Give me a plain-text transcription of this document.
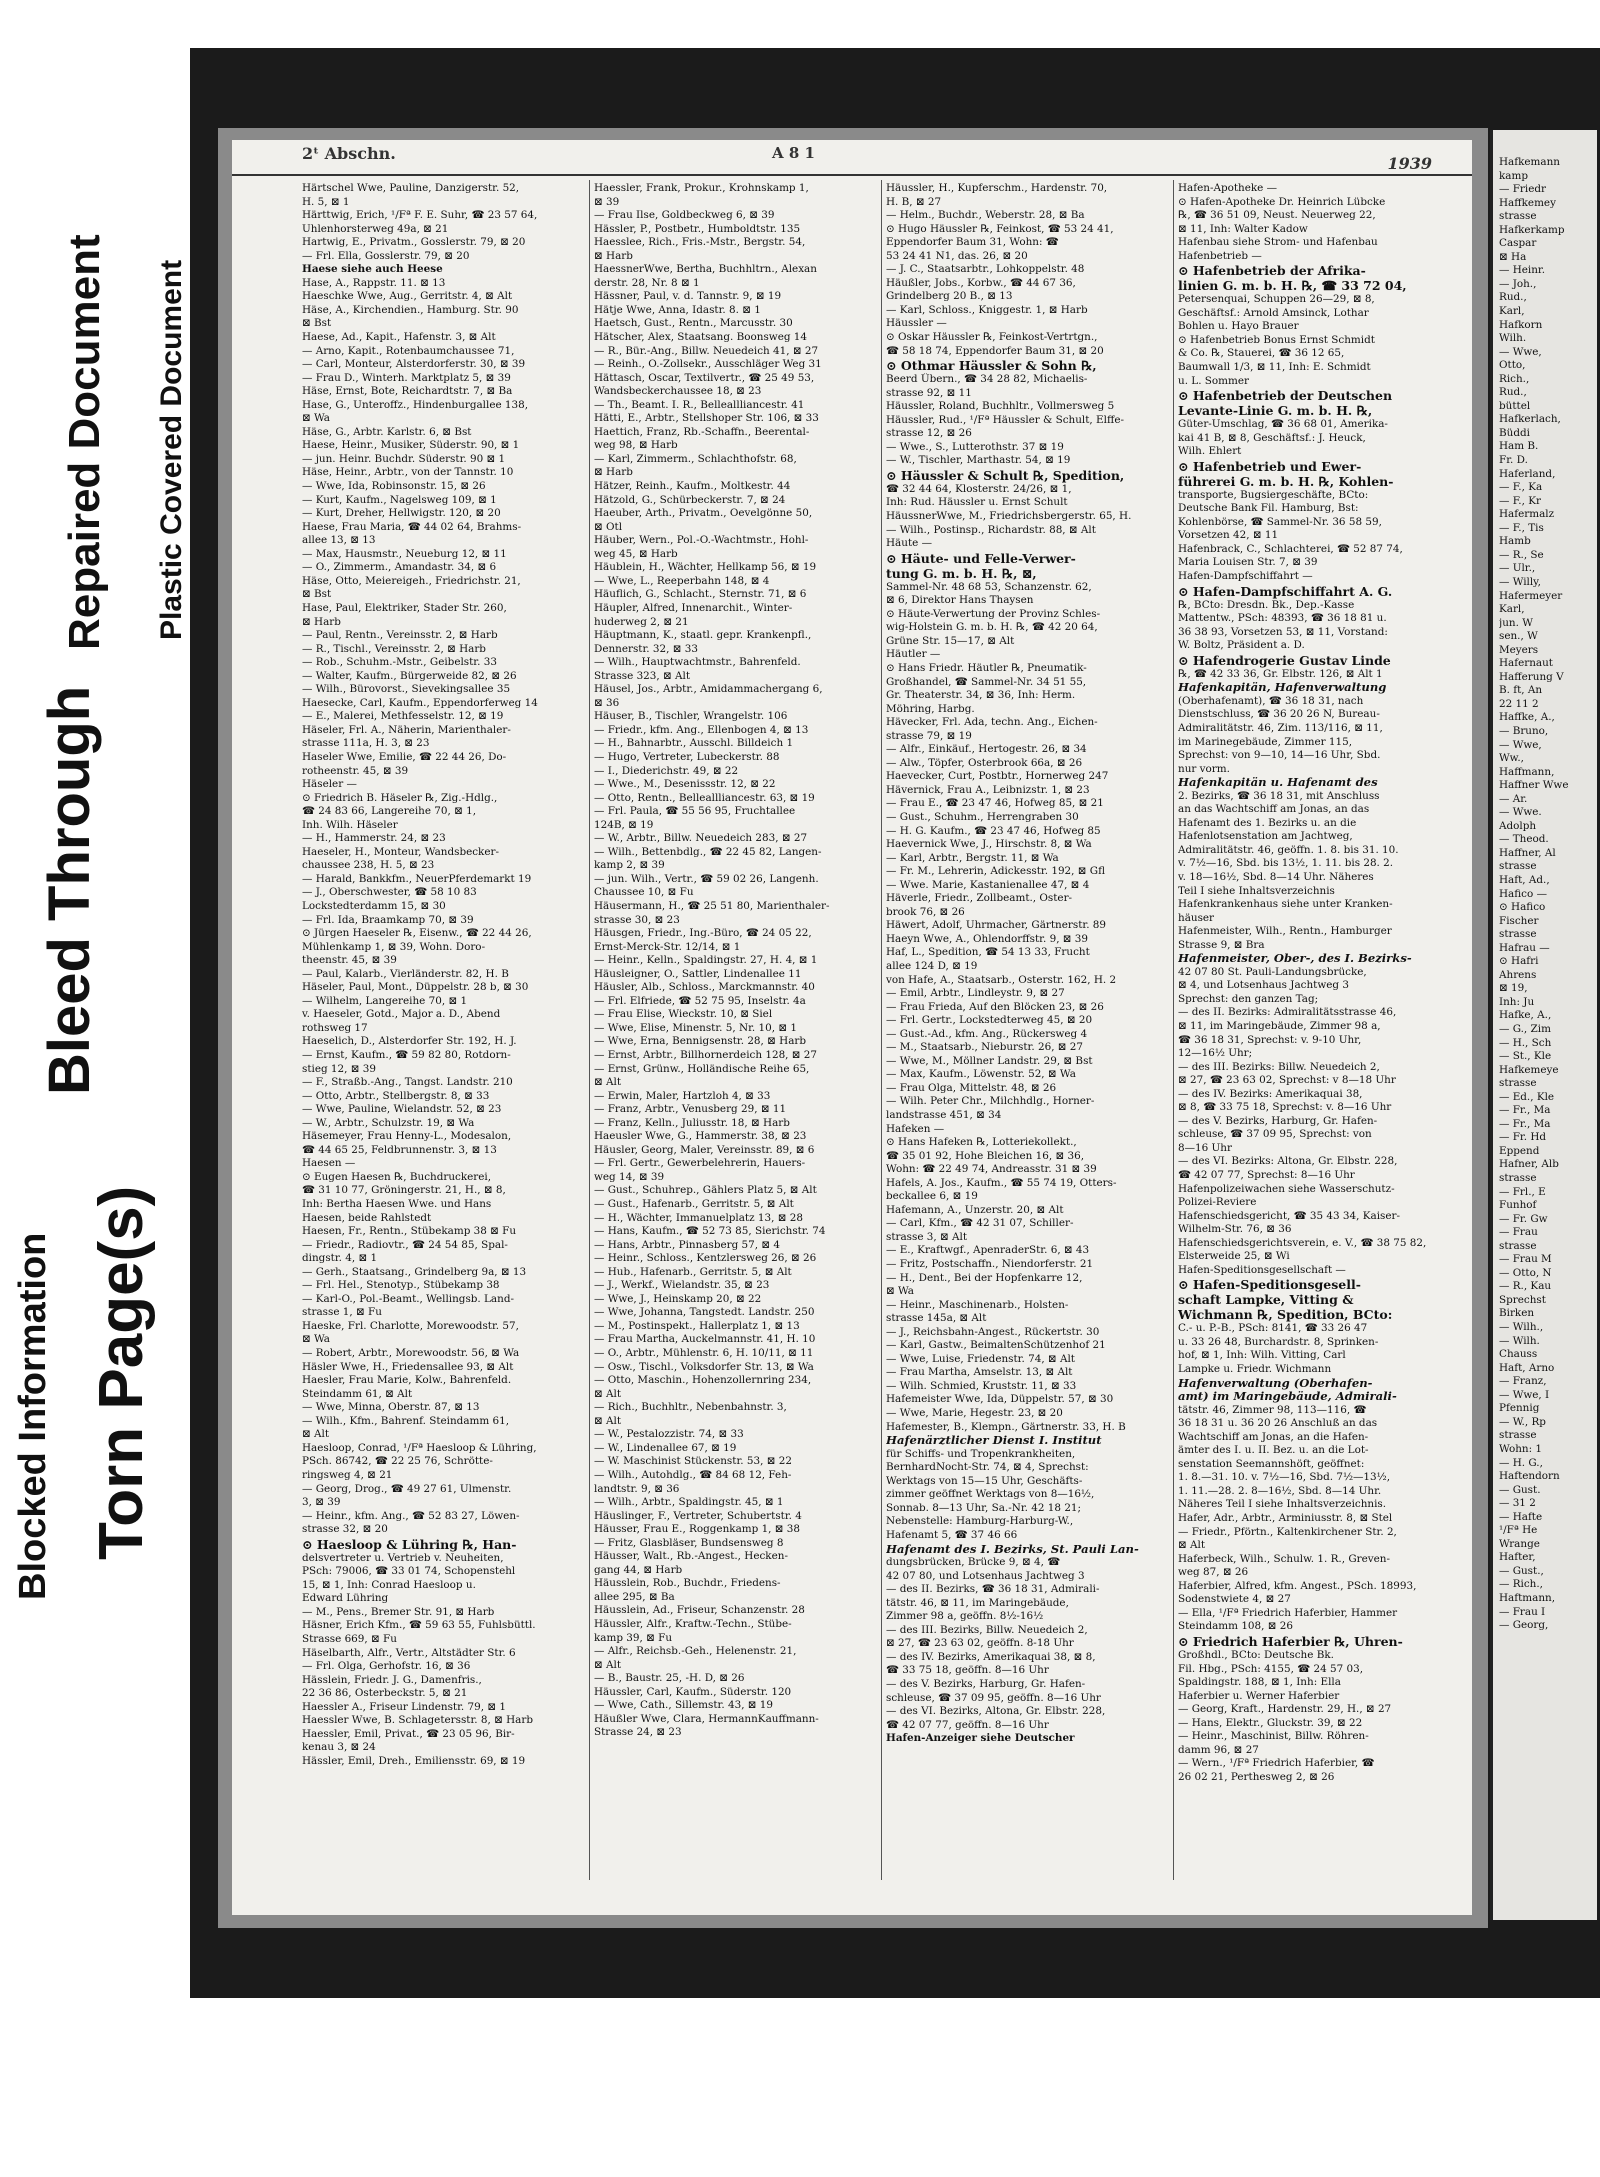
Torn Page(s)
Blocked Information
Bleed Through
Repaired Document Plastic Covered Document
2ᵗ Abschn.	A 8 1
1939
Härtschel Wwe, Pauline, Danzigerstr. 52,
H. 5, ⊠ 1
Härttwig, Erich, ¹/Fª F. E. Suhr, ☎ 23 57 64,
Uhlenhorsterweg 49a, ⊠ 21
Hartwig, E., Privatm., Gosslerstr. 79, ⊠ 20
— Frl. Ella, Gosslerstr. 79, ⊠ 20
Haese siehe auch Heese
Hase, A., Rappstr. 11. ⊠ 13
Haeschke Wwe, Aug., Gerritstr. 4, ⊠ Alt
Häse, A., Kirchendien., Hamburg. Str. 90
⊠ Bst
Haese, Ad., Kapit., Hafenstr. 3, ⊠ Alt
— Arno, Kapit., Rotenbaumchaussee 71,
— Carl, Monteur, Alsterdorferstr. 30, ⊠ 39
— Frau D., Winterh. Marktplatz 5, ⊠ 39
Häse, Ernst, Bote, Reichardtstr. 7, ⊠ Ba
Hase, G., Unteroffz., Hindenburgallee 138,
⊠ Wa
Häse, G., Arbtr. Karlstr. 6, ⊠ Bst
Haese, Heinr., Musiker, Süderstr. 90, ⊠ 1
— jun. Heinr. Buchdr. Süderstr. 90 ⊠ 1
Häse, Heinr., Arbtr., von der Tannstr. 10
— Wwe, Ida, Robinsonstr. 15, ⊠ 26
— Kurt, Kaufm., Nagelsweg 109, ⊠ 1
— Kurt, Dreher, Hellwigstr. 120, ⊠ 20
Haese, Frau Maria, ☎ 44 02 64, Brahms-
allee 13, ⊠ 13
— Max, Hausmstr., Neueburg 12, ⊠ 11
— O., Zimmerm., Amandastr. 34, ⊠ 6
Häse, Otto, Meiereigeh., Friedrichstr. 21,
⊠ Bst
Hase, Paul, Elektriker, Stader Str. 260,
⊠ Harb
— Paul, Rentn., Vereinsstr. 2, ⊠ Harb
— R., Tischl., Vereinsstr. 2, ⊠ Harb
— Rob., Schuhm.-Mstr., Geibelstr. 33
— Walter, Kaufm., Bürgerweide 82, ⊠ 26
— Wilh., Bürovorst., Sievekingsallee 35
Haesecke, Carl, Kaufm., Eppendorferweg 14
— E., Malerei, Methfesselstr. 12, ⊠ 19
Häseler, Frl. A., Näherin, Marienthaler-
strasse 111a, H. 3, ⊠ 23
Haseler Wwe, Emilie, ☎ 22 44 26, Do-
rotheenstr. 45, ⊠ 39
Häseler —
⊙ Friedrich B. Häseler ℞, Zig.-Hdlg.,
☎ 24 83 66, Langereihe 70, ⊠ 1,
Inh. Wilh. Häseler
— H., Hammerstr. 24, ⊠ 23
Haeseler, H., Monteur, Wandsbecker-
chaussee 238, H. 5, ⊠ 23
— Harald, Bankkfm., NeuerPferdemarkt 19
— J., Oberschwester, ☎ 58 10 83
Lockstedterdamm 15, ⊠ 30
— Frl. Ida, Braamkamp 70, ⊠ 39
⊙ Jürgen Haeseler ℞, Eisenw., ☎ 22 44 26,
Mühlenkamp 1, ⊠ 39, Wohn. Doro-
theenstr. 45, ⊠ 39
— Paul, Kalarb., Vierländerstr. 82, H. B
Häseler, Paul, Mont., Düppelstr. 28 b, ⊠ 30
— Wilhelm, Langereihe 70, ⊠ 1
v. Haeseler, Gotd., Major a. D., Abend
rothsweg 17
Haeselich, D., Alsterdorfer Str. 192, H. J.
— Ernst, Kaufm., ☎ 59 82 80, Rotdorn-
stieg 12, ⊠ 39
— F., Straßb.-Ang., Tangst. Landstr. 210
— Otto, Arbtr., Stellbergstr. 8, ⊠ 33
— Wwe, Pauline, Wielandstr. 52, ⊠ 23
— W., Arbtr., Schulzstr. 19, ⊠ Wa
Häsemeyer, Frau Henny-L., Modesalon,
☎ 44 65 25, Feldbrunnenstr. 3, ⊠ 13
Haesen —
⊙ Eugen Haesen ℞, Buchdruckerei,
☎ 31 10 77, Gröningerstr. 21, H., ⊠ 8,
Inh: Bertha Haesen Wwe. und Hans
Haesen, beide Rahlstedt
Haesen, Fr., Rentn., Stübekamp 38 ⊠ Fu
— Friedr., Radiovtr., ☎ 24 54 85, Spal-
dingstr. 4, ⊠ 1
— Gerh., Staatsang., Grindelberg 9a, ⊠ 13
— Frl. Hel., Stenotyp., Stübekamp 38
— Karl-O., Pol.-Beamt., Wellingsb. Land-
strasse 1, ⊠ Fu
Haeske, Frl. Charlotte, Morewoodstr. 57,
⊠ Wa
— Robert, Arbtr., Morewoodstr. 56, ⊠ Wa
Häsler Wwe, H., Friedensallee 93, ⊠ Alt
Haesler, Frau Marie, Kolw., Bahrenfeld.
Steindamm 61, ⊠ Alt
— Wwe, Minna, Oberstr. 87, ⊠ 13
— Wilh., Kfm., Bahrenf. Steindamm 61,
⊠ Alt
Haesloop, Conrad, ¹/Fª Haesloop & Lühring,
PSch. 86742, ☎ 22 25 76, Schrötte-
ringsweg 4, ⊠ 21
— Georg, Drog., ☎ 49 27 61, Ulmenstr.
3, ⊠ 39
— Heinr., kfm. Ang., ☎ 52 83 27, Löwen-
strasse 32, ⊠ 20
⊙ Haesloop & Lühring ℞, Han-
delsvertreter u. Vertrieb v. Neuheiten,
PSch: 79006, ☎ 33 01 74, Schopenstehl
15, ⊠ 1, Inh: Conrad Haesloop u.
Edward Lühring
— M., Pens., Bremer Str. 91, ⊠ Harb
Häsner, Erich Kfm., ☎ 59 63 55, Fuhlsbüttl.
Strasse 669, ⊠ Fu
Häselbarth, Alfr., Vertr., Altstädter Str. 6
— Frl. Olga, Gerhofstr. 16, ⊠ 36
Hässlein, Friedr. J. G., Damenfris.,
22 36 86, Osterbeckstr. 5, ⊠ 21
Haessler A., Friseur Lindenstr. 79, ⊠ 1
Haessler Wwe, B. Schlagetersstr. 8, ⊠ Harb
Haessler, Emil, Privat., ☎ 23 05 96, Bir-
kenau 3, ⊠ 24
Hässler, Emil, Dreh., Emiliensstr. 69, ⊠ 19
Haessler, Frank, Prokur., Krohnskamp 1,
⊠ 39
— Frau Ilse, Goldbeckweg 6, ⊠ 39
Hässler, P., Postbetr., Humboldtstr. 135
Haesslee, Rich., Fris.-Mstr., Bergstr. 54,
⊠ Harb
HaessnerWwe, Bertha, Buchhltrn., Alexan
derstr. 28, Nr. 8 ⊠ 1
Hässner, Paul, v. d. Tannstr. 9, ⊠ 19
Hätje Wwe, Anna, Idastr. 8. ⊠ 1
Haetsch, Gust., Rentn., Marcusstr. 30
Hätscher, Alex, Staatsang. Boonsweg 14
— R., Bür.-Ang., Billw. Neuedeich 41, ⊠ 27
— Reinh., O.-Zollsekr., Ausschläger Weg 31
Hättasch, Oscar, Textilvertr., ☎ 25 49 53,
Wandsbeckerchaussee 18, ⊠ 23
— Th., Beamt. I. R., Belleallliancestr. 41
Hätti, E., Arbtr., Stellshoper Str. 106, ⊠ 33
Haettich, Franz, Rb.-Schaffn., Beerental-
weg 98, ⊠ Harb
— Karl, Zimmerm., Schlachthofstr. 68,
⊠ Harb
Hätzer, Reinh., Kaufm., Moltkestr. 44
Hätzold, G., Schürbeckerstr. 7, ⊠ 24
Haeuber, Arth., Privatm., Oevelgönne 50,
⊠ Otl
Häuber, Wern., Pol.-O.-Wachtmstr., Hohl-
weg 45, ⊠ Harb
Häublein, H., Wächter, Hellkamp 56, ⊠ 19
— Wwe, L., Reeperbahn 148, ⊠ 4
Häuflich, G., Schlacht., Sternstr. 71, ⊠ 6
Häupler, Alfred, Innenarchit., Winter-
huderweg 2, ⊠ 21
Häuptmann, K., staatl. gepr. Krankenpfl.,
Dennerstr. 32, ⊠ 33
— Wilh., Hauptwachtmstr., Bahrenfeld.
Strasse 323, ⊠ Alt
Häusel, Jos., Arbtr., Amidammachergang 6,
⊠ 36
Häuser, B., Tischler, Wrangelstr. 106
— Friedr., kfm. Ang., Ellenbogen 4, ⊠ 13
— H., Bahnarbtr., Ausschl. Billdeich 1
— Hugo, Vertreter, Lubeckerstr. 88
— I., Diederichstr. 49, ⊠ 22
— Wwe., M., Desenissstr. 12, ⊠ 22
— Otto, Rentn., Belleallliancestr. 63, ⊠ 19
— Frl. Paula, ☎ 55 56 95, Fruchtallee
124B, ⊠ 19
— W., Arbtr., Billw. Neuedeich 283, ⊠ 27
— Wilh., Bettenbdlg., ☎ 22 45 82, Langen-
kamp 2, ⊠ 39
— jun. Wilh., Vertr., ☎ 59 02 26, Langenh.
Chaussee 10, ⊠ Fu
Häusermann, H., ☎ 25 51 80, Marienthaler-
strasse 30, ⊠ 23
Häusgen, Friedr., Ing.-Büro, ☎ 24 05 22,
Ernst-Merck-Str. 12/14, ⊠ 1
— Heinr., Kelln., Spaldingstr. 27, H. 4, ⊠ 1
Häusleigner, O., Sattler, Lindenallee 11
Häusler, Alb., Schloss., Marckmannstr. 40
— Frl. Elfriede, ☎ 52 75 95, Inselstr. 4a
— Frau Elise, Wieckstr. 10, ⊠ Siel
— Wwe, Elise, Minenstr. 5, Nr. 10, ⊠ 1
— Wwe, Erna, Bennigsenstr. 28, ⊠ Harb
— Ernst, Arbtr., Billhornerdeich 128, ⊠ 27
— Ernst, Grünw., Holländische Reihe 65,
⊠ Alt
— Erwin, Maler, Hartzloh 4, ⊠ 33
— Franz, Arbtr., Venusberg 29, ⊠ 11
— Franz, Kelln., Juliusstr. 18, ⊠ Harb
Haeusler Wwe, G., Hammerstr. 38, ⊠ 23
Häusler, Georg, Maler, Vereinsstr. 89, ⊠ 6
— Frl. Gertr., Gewerbelehrerin, Hauers-
weg 14, ⊠ 39
— Gust., Schuhrep., Gählers Platz 5, ⊠ Alt
— Gust., Hafenarb., Gerritstr. 5, ⊠ Alt
— H., Wächter, Immanuelplatz 13, ⊠ 28
— Hans, Kaufm., ☎ 52 73 85, Sierichstr. 74
— Hans, Arbtr., Pinnasberg 57, ⊠ 4
— Heinr., Schloss., Kentzlersweg 26, ⊠ 26
— Hub., Hafenarb., Gerritstr. 5, ⊠ Alt
— J., Werkf., Wielandstr. 35, ⊠ 23
— Wwe, J., Heinskamp 20, ⊠ 22
— Wwe, Johanna, Tangstedt. Landstr. 250
— M., Postinspekt., Hallerplatz 1, ⊠ 13
— Frau Martha, Auckelmannstr. 41, H. 10
— O., Arbtr., Mühlenstr. 6, H. 10/11, ⊠ 11
— Osw., Tischl., Volksdorfer Str. 13, ⊠ Wa
— Otto, Maschin., Hohenzollernring 234,
⊠ Alt
— Rich., Buchhltr., Nebenbahnstr. 3,
⊠ Alt
— W., Pestalozzistr. 74, ⊠ 33
— W., Lindenallee 67, ⊠ 19
— W. Maschinist Stückenstr. 53, ⊠ 22
— Wilh., Autohdlg., ☎ 84 68 12, Feh-
landtstr. 9, ⊠ 36
— Wilh., Arbtr., Spaldingstr. 45, ⊠ 1
Häuslinger, F., Vertreter, Schubertstr. 4
Häusser, Frau E., Roggenkamp 1, ⊠ 38
— Fritz, Glasbläser, Bundsensweg 8
Häusser, Walt., Rb.-Angest., Hecken-
gang 44, ⊠ Harb
Häusslein, Rob., Buchdr., Friedens-
allee 295, ⊠ Ba
Häusslein, Ad., Friseur, Schanzenstr. 28
Häussler, Alfr., Kraftw.-Techn., Stübe-
kamp 39, ⊠ Fu
— Alfr., Reichsb.-Geh., Helenenstr. 21,
⊠ Alt
— B., Baustr. 25, -H. D, ⊠ 26
Häussler, Carl, Kaufm., Süderstr. 120
— Wwe, Cath., Sillemstr. 43, ⊠ 19
Häußler Wwe, Clara, HermannKauffmann-
Strasse 24, ⊠ 23
Häussler, H., Kupferschm., Hardenstr. 70,
H. B, ⊠ 27
— Helm., Buchdr., Weberstr. 28, ⊠ Ba
⊙ Hugo Häussler ℞, Feinkost, ☎ 53 24 41,
Eppendorfer Baum 31, Wohn: ☎
53 24 41 N1, das. 26, ⊠ 20
— J. C., Staatsarbtr., Lohkoppelstr. 48
Häußler, Jobs., Korbw., ☎ 44 67 36,
Grindelberg 20 B., ⊠ 13
— Karl, Schloss., Kniggestr. 1, ⊠ Harb
Häussler —
⊙ Oskar Häussler ℞, Feinkost-Vertrtgn.,
☎ 58 18 74, Eppendorfer Baum 31, ⊠ 20
⊙ Othmar Häussler & Sohn ℞,
Beerd Übern., ☎ 34 28 82, Michaelis-
strasse 92, ⊠ 11
Häussler, Roland, Buchhltr., Vollmersweg 5
Häussler, Rud., ¹/Fª Häussler & Schult, Elffe-
strasse 12, ⊠ 26
— Wwe., S., Lutterothstr. 37 ⊠ 19
— W., Tischler, Marthastr. 54, ⊠ 19
⊙ Häussler & Schult ℞, Spedition,
☎ 32 44 64, Klosterstr. 24/26, ⊠ 1,
Inh: Rud. Häussler u. Ernst Schult
HäussnerWwe, M., Friedrichsbergerstr. 65, H.
— Wilh., Postinsp., Richardstr. 88, ⊠ Alt
Häute —
⊙ Häute- und Felle-Verwer-
tung G. m. b. H. ℞, ⊠,
Sammel-Nr. 48 68 53, Schanzenstr. 62,
⊠ 6, Direktor Hans Thaysen
⊙ Häute-Verwertung der Provinz Schles-
wig-Holstein G. m. b. H. ℞, ☎ 42 20 64,
Grüne Str. 15—17, ⊠ Alt
Häutler —
⊙ Hans Friedr. Häutler ℞, Pneumatik-
Großhandel, ☎ Sammel-Nr. 34 51 55,
Gr. Theaterstr. 34, ⊠ 36, Inh: Herm.
Möhring, Harbg.
Hävecker, Frl. Ada, techn. Ang., Eichen-
strasse 79, ⊠ 19
— Alfr., Einkäuf., Hertogestr. 26, ⊠ 34
— Alw., Töpfer, Osterbrook 66a, ⊠ 26
Haevecker, Curt, Postbtr., Hornerweg 247
Hävernick, Frau A., Leibnizstr. 1, ⊠ 23
— Frau E., ☎ 23 47 46, Hofweg 85, ⊠ 21
— Gust., Schuhm., Herrengraben 30
— H. G. Kaufm., ☎ 23 47 46, Hofweg 85
Haevernick Wwe, J., Hirschstr. 8, ⊠ Wa
— Karl, Arbtr., Bergstr. 11, ⊠ Wa
— Fr. M., Lehrerin, Adickesstr. 192, ⊠ Gfl
— Wwe. Marie, Kastanienallee 47, ⊠ 4
Häverle, Friedr., Zollbeamt., Oster-
brook 76, ⊠ 26
Häwert, Adolf, Uhrmacher, Gärtnerstr. 89
Haeyn Wwe, A., Ohlendorffstr. 9, ⊠ 39
Haf, L., Spedition, ☎ 54 13 33, Frucht
allee 124 D, ⊠ 19
von Hafe, A., Staatsarb., Osterstr. 162, H. 2
— Emil, Arbtr., Lindleystr. 9, ⊠ 27
— Frau Frieda, Auf den Blöcken 23, ⊠ 26
— Frl. Gertr., Lockstedterweg 45, ⊠ 20
— Gust.-Ad., kfm. Ang., Rückersweg 4
— M., Staatsarb., Nieburstr. 26, ⊠ 27
— Wwe, M., Möllner Landstr. 29, ⊠ Bst
— Max, Kaufm., Löwenstr. 52, ⊠ Wa
— Frau Olga, Mittelstr. 48, ⊠ 26
— Wilh. Peter Chr., Milchhdlg., Horner-
landstrasse 451, ⊠ 34
Hafeken —
⊙ Hans Hafeken ℞, Lotteriekollekt.,
☎ 35 01 92, Hohe Bleichen 16, ⊠ 36,
Wohn: ☎ 22 49 74, Andreasstr. 31 ⊠ 39
Hafels, A. Jos., Kaufm., ☎ 55 74 19, Otters-
beckallee 6, ⊠ 19
Hafemann, A., Unzerstr. 20, ⊠ Alt
— Carl, Kfm., ☎ 42 31 07, Schiller-
strasse 3, ⊠ Alt
— E., Kraftwgf., ApenraderStr. 6, ⊠ 43
— Fritz, Postschaffn., Niendorferstr. 21
— H., Dent., Bei der Hopfenkarre 12,
⊠ Wa
— Heinr., Maschinenarb., Holsten-
strasse 145a, ⊠ Alt
— J., Reichsbahn-Angest., Rückertstr. 30
— Karl, Gastw., BeimaltenSchützenhof 21
— Wwe, Luise, Friedenstr. 74, ⊠ Alt
— Frau Martha, Amselstr. 13, ⊠ Alt
— Wilh. Schmied, Kruststr. 11, ⊠ 33
Hafemeister Wwe, Ida, Düppelstr. 57, ⊠ 30
— Wwe, Marie, Hegestr. 23, ⊠ 20
Hafemester, B., Klempn., Gärtnerstr. 33, H. B
Hafenärztlicher Dienst I. Institut
für Schiffs- und Tropenkrankheiten,
BernhardNocht-Str. 74, ⊠ 4, Sprechst:
Werktags von 15—15 Uhr, Geschäfts-
zimmer geöffnet Werktags von 8—16½,
Sonnab. 8—13 Uhr, Sa.-Nr. 42 18 21;
Nebenstelle: Hamburg-Harburg-W.,
Hafenamt 5, ☎ 37 46 66
Hafenamt des I. Bezirks, St. Pauli Lan-
dungsbrücken, Brücke 9, ⊠ 4, ☎
42 07 80, und Lotsenhaus Jachtweg 3
— des II. Bezirks, ☎ 36 18 31, Admirali-
tätstr. 46, ⊠ 11, im Maringebäude,
Zimmer 98 a, geöffn. 8½-16½
— des III. Bezirks, Billw. Neuedeich 2,
⊠ 27, ☎ 23 63 02, geöffn. 8-18 Uhr
— des IV. Bezirks, Amerikaquai 38, ⊠ 8,
☎ 33 75 18, geöffn. 8—16 Uhr
— des V. Bezirks, Harburg, Gr. Hafen-
schleuse, ☎ 37 09 95, geöffn. 8—16 Uhr
— des VI. Bezirks, Altona, Gr. Elbstr. 228,
☎ 42 07 77, geöffn. 8—16 Uhr
Hafen-Anzeiger siehe Deutscher
Hafen-Apotheke —
⊙ Hafen-Apotheke Dr. Heinrich Lübcke
℞, ☎ 36 51 09, Neust. Neuerweg 22,
⊠ 11, Inh: Walter Kadow
Hafenbau siehe Strom- und Hafenbau
Hafenbetrieb —
⊙ Hafenbetrieb der Afrika-
linien G. m. b. H. ℞, ☎ 33 72 04,
Petersenquai, Schuppen 26—29, ⊠ 8,
Geschäftsf.: Arnold Amsinck, Lothar
Bohlen u. Hayo Brauer
⊙ Hafenbetrieb Bonus Ernst Schmidt
& Co. ℞, Stauerei, ☎ 36 12 65,
Baumwall 1/3, ⊠ 11, Inh: E. Schmidt
u. L. Sommer
⊙ Hafenbetrieb der Deutschen
Levante-Linie G. m. b. H. ℞,
Güter-Umschlag, ☎ 36 68 01, Amerika-
kai 41 B, ⊠ 8, Geschäftsf.: J. Heuck,
Wilh. Ehlert
⊙ Hafenbetrieb und Ewer-
führerei G. m. b. H. ℞, Kohlen-
transporte, Bugsiergeschäfte, BCto:
Deutsche Bank Fil. Hamburg, Bst:
Kohlenbörse, ☎ Sammel-Nr. 36 58 59,
Vorsetzen 42, ⊠ 11
Hafenbrack, C., Schlachterei, ☎ 52 87 74,
Maria Louisen Str. 7, ⊠ 39
Hafen-Dampfschiffahrt —
⊙ Hafen-Dampfschiffahrt A. G.
℞, BCto: Dresdn. Bk., Dep.-Kasse
Mattentw., PSch: 48393, ☎ 36 18 81 u.
36 38 93, Vorsetzen 53, ⊠ 11, Vorstand:
W. Boltz, Präsident a. D.
⊙ Hafendrogerie Gustav Linde
℞, ☎ 42 33 36, Gr. Elbstr. 126, ⊠ Alt 1
Hafenkapitän, Hafenverwaltung
(Oberhafenamt), ☎ 36 18 31, nach
Dienstschluss, ☎ 36 20 26 N, Bureau-
Admiralitätstr. 46, Zim. 113/116, ⊠ 11,
im Marinegebäude, Zimmer 115,
Sprechst: von 9—10, 14—16 Uhr, Sbd.
nur vorm.
Hafenkapitän u. Hafenamt des
2. Bezirks, ☎ 36 18 31, mit Anschluss
an das Wachtschiff am Jonas, an das
Hafenamt des 1. Bezirks u. an die
Hafenlotsenstation am Jachtweg,
Admiralitätstr. 46, geöffn. 1. 8. bis 31. 10.
v. 7½—16, Sbd. bis 13½, 1. 11. bis 28. 2.
v. 18—16½, Sbd. 8—14 Uhr. Näheres
Teil I siehe Inhaltsverzeichnis
Hafenkrankenhaus siehe unter Kranken-
häuser
Hafenmeister, Wilh., Rentn., Hamburger
Strasse 9, ⊠ Bra
Hafenmeister, Ober-, des I. Bezirks-
42 07 80 St. Pauli-Landungsbrücke,
⊠ 4, und Lotsenhaus Jachtweg 3
Sprechst: den ganzen Tag;
— des II. Bezirks: Admiralitätsstrasse 46,
⊠ 11, im Maringebäude, Zimmer 98 a,
☎ 36 18 31, Sprechst: v. 9-10 Uhr,
12—16½ Uhr;
— des III. Bezirks: Billw. Neuedeich 2,
⊠ 27, ☎ 23 63 02, Sprechst: v 8—18 Uhr
— des IV. Bezirks: Amerikaquai 38,
⊠ 8, ☎ 33 75 18, Sprechst: v. 8—16 Uhr
— des V. Bezirks, Harburg, Gr. Hafen-
schleuse, ☎ 37 09 95, Sprechst: von
8—16 Uhr
— des VI. Bezirks: Altona, Gr. Elbstr. 228,
☎ 42 07 77, Sprechst: 8—16 Uhr
Hafenpolizeiwachen siehe Wasserschutz-
Polizei-Reviere
Hafenschiedsgericht, ☎ 35 43 34, Kaiser-
Wilhelm-Str. 76, ⊠ 36
Hafenschiedsgerichtsverein, e. V., ☎ 38 75 82,
Elsterweide 25, ⊠ Wi
Hafen-Speditionsgesellschaft —
⊙ Hafen-Speditionsgesell-
schaft Lampke, Vitting &
Wichmann ℞, Spedition, BCto:
C.- u. P.-B., PSch: 8141, ☎ 33 26 47
u. 33 26 48, Burchardstr. 8, Sprinken-
hof, ⊠ 1, Inh: Wilh. Vitting, Carl
Lampke u. Friedr. Wichmann
Hafenverwaltung (Oberhafen-
amt) im Maringebäude, Admirali-
tätstr. 46, Zimmer 98, 113—116, ☎
36 18 31 u. 36 20 26 Anschluß an das
Wachtschiff am Jonas, an die Hafen-
ämter des I. u. II. Bez. u. an die Lot-
senstation Seemannshöft, geöffnet:
1. 8.—31. 10. v. 7½—16, Sbd. 7½—13½,
1. 11.—28. 2. 8—16½, Sbd. 8—14 Uhr.
Näheres Teil I siehe Inhaltsverzeichnis.
Hafer, Adr., Arbtr., Arminiusstr. 8, ⊠ Stel
— Friedr., Pförtn., Kaltenkirchener Str. 2,
⊠ Alt
Haferbeck, Wilh., Schulw. 1. R., Greven-
weg 87, ⊠ 26
Haferbier, Alfred, kfm. Angest., PSch. 18993,
Sodenstwiete 4, ⊠ 27
— Ella, ¹/Fª Friedrich Haferbier, Hammer
Steindamm 108, ⊠ 26
⊙ Friedrich Haferbier ℞, Uhren-
Großhdl., BCto: Deutsche Bk.
Fil. Hbg., PSch: 4155, ☎ 24 57 03,
Spaldingstr. 188, ⊠ 1, Inh: Ella
Haferbier u. Werner Haferbier
— Georg, Kraft., Hardenstr. 29, H., ⊠ 27
— Hans, Elektr., Gluckstr. 39, ⊠ 22
— Heinr., Maschinist, Billw. Röhren-
damm 96, ⊠ 27
— Wern., ¹/Fª Friedrich Haferbier, ☎
26 02 21, Perthesweg 2, ⊠ 26
Hafkemann
kamp
— Friedr
Haffkemey
strasse
Hafkerkamp
Caspar
⊠ Ha
— Heinr.
— Joh.,
Rud.,
Karl,
Hafkorn
Wilh.
— Wwe,
Otto,
Rich.,
Rud.,
büttel
Hafkerlach,
Büddi
Ham B.
Fr. D.
Haferland,
— F., Ka
— F., Kr
Hafermalz
— F., Tis
Hamb
— R., Se
— Ulr.,
— Willy,
Hafermeyer
Karl,
jun. W
sen., W
Meyers
Hafernaut
Hafferung V
B. ft, An
22 11 2
Haffke, A.,
— Bruno,
— Wwe,
Ww.,
Haffmann,
Haffner Wwe
— Ar.
— Wwe.
Adolph
— Theod.
Haffner, Al
strasse
Haft, Ad.,
Hafico —
⊙ Hafico
Fischer
strasse
Hafrau —
⊙ Hafri
Ahrens
⊠ 19,
Inh: Ju
Hafke, A.,
— G., Zim
— H., Sch
— St., Kle
Hafkemeye
strasse
— Ed., Kle
— Fr., Ma
— Fr., Ma
— Fr. Hd
Eppend
Hafner, Alb
strasse
— Frl., E
Funhof
— Fr. Gw
— Frau
strasse
— Frau M
— Otto, N
— R., Kau
Sprechst
Birken
— Wilh.,
— Wilh.
Chauss
Haft, Arno
— Franz,
— Wwe, I
Pfennig
— W., Rp
strasse
Wohn: 1
— H. G.,
Haftendorn
— Gust.
— 31 2
— Hafte
¹/Fª He
Wrange
Hafter,
— Gust.,
— Rich.,
Haftmann,
— Frau I
— Georg,
